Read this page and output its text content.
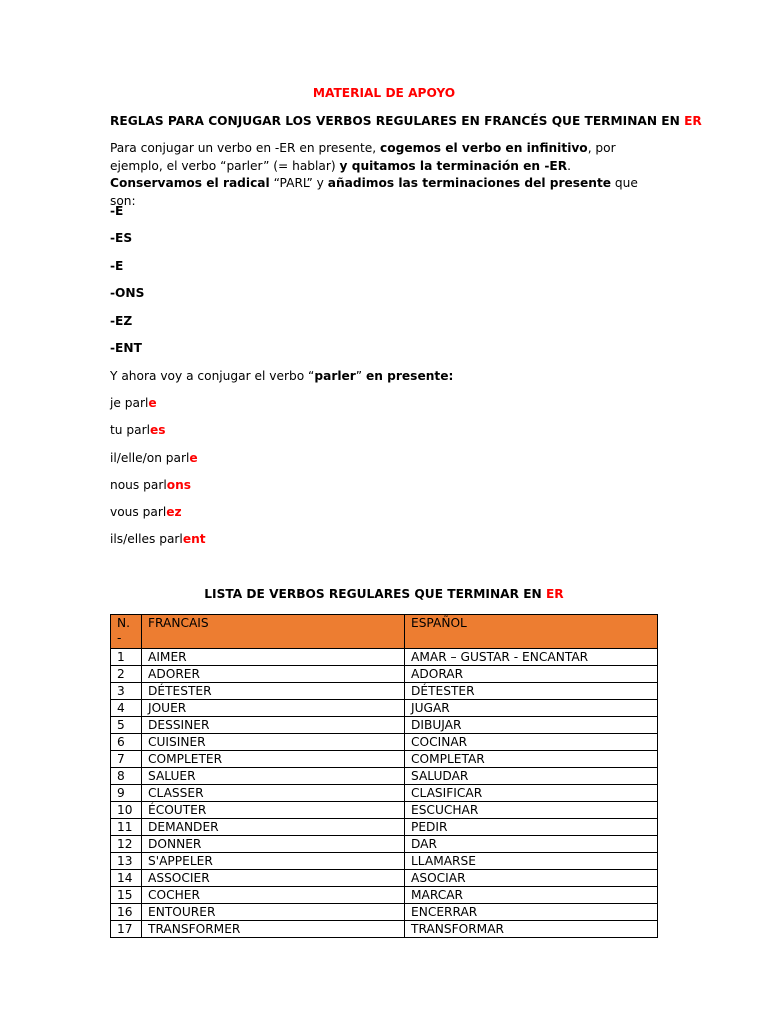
MATERIAL DE APOYO
REGLAS PARA CONJUGAR LOS VERBOS REGULARES EN FRANCÉS QUE TERMINAN EN ER
Para conjugar un verbo en -ER en presente, cogemos el verbo en infinitivo, por ejemplo, el verbo “parler” (= hablar) y quitamos la terminación en -ER. Conservamos el radical “PARL” y añadimos las terminaciones del presente que son:
-E
-ES
-E
-ONS
-EZ
-ENT
Y ahora voy a conjugar el verbo “parler” en presente:
je parle
tu parles
il/elle/on parle
nous parlons
vous parlez
ils/elles parlent
LISTA DE VERBOS REGULARES QUE TERMINAR EN ER
N.
-	FRANCAIS	ESPAÑOL
1	AIMER	AMAR – GUSTAR - ENCANTAR
2	ADORER	ADORAR
3	DÉTESTER	DÉTESTER
4	JOUER	JUGAR
5	DESSINER	DIBUJAR
6	CUISINER	COCINAR
7	COMPLETER	COMPLETAR
8	SALUER	SALUDAR
9	CLASSER	CLASIFICAR
10	ÉCOUTER	ESCUCHAR
11	DEMANDER	PEDIR
12	DONNER	DAR
13	S'APPELER	LLAMARSE
14	ASSOCIER	ASOCIAR
15	COCHER	MARCAR
16	ENTOURER	ENCERRAR
17	TRANSFORMER	TRANSFORMAR
